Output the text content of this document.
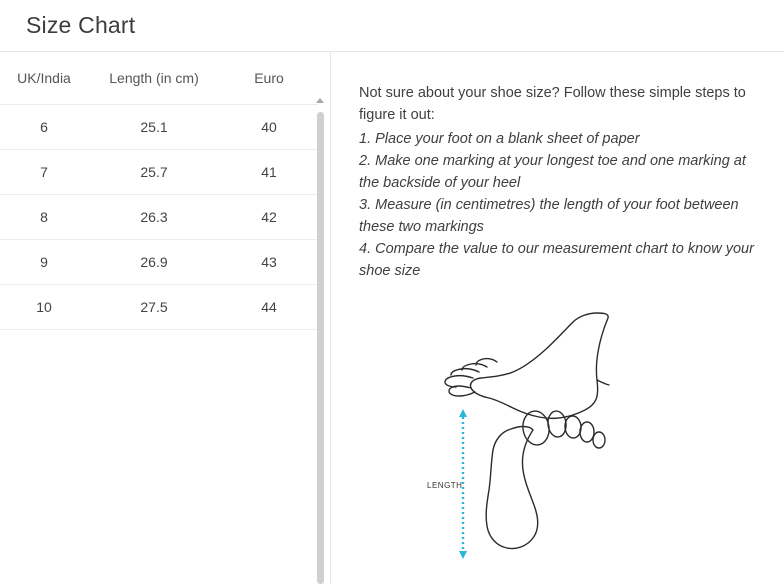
Size Chart
UK/India	Length (in cm)	Euro
6	25.1	40
7	25.7	41
8	26.3	42
9	26.9	43
10	27.5	44
Not sure about your shoe size? Follow these simple steps to figure it out:
1. Place your foot on a blank sheet of paper
2. Make one marking at your longest toe and one marking at the backside of your heel
3. Measure (in centimetres) the length of your foot between these two markings
4. Compare the value to our measurement chart to know your shoe size
LENGTH
